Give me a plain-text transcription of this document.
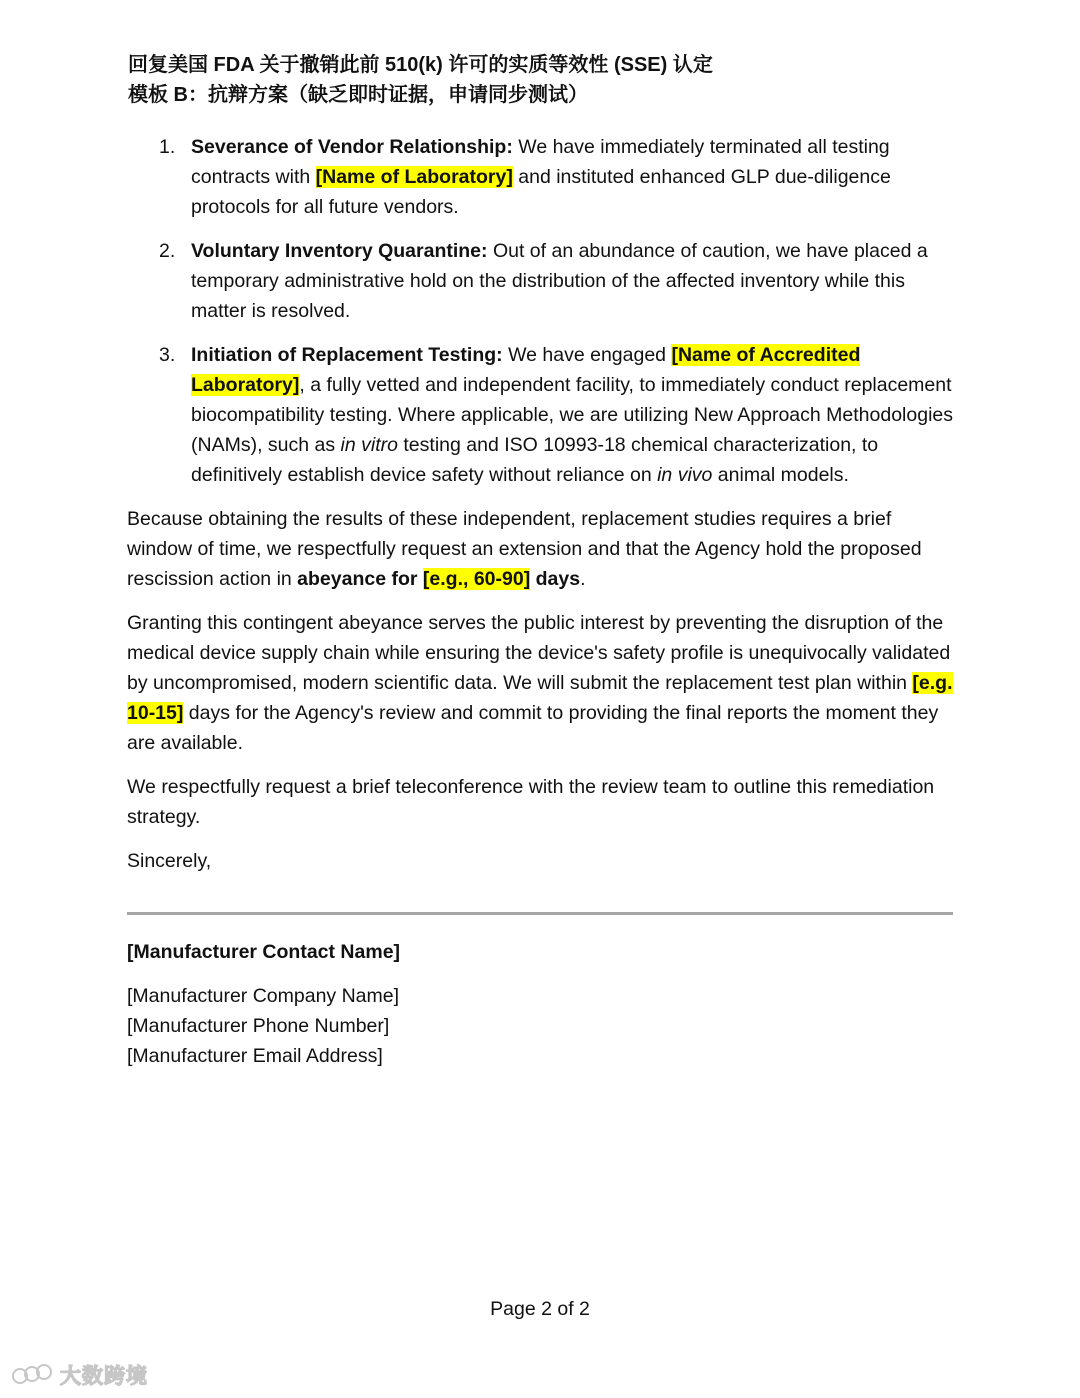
回复美国 FDA 关于撤销此前 510(k) 许可的实质等效性 (SSE) 认定
模板 B：抗辩方案（缺乏即时证据，申请同步测试）
1. Severance of Vendor Relationship: We have immediately terminated all testing contracts with [Name of Laboratory] and instituted enhanced GLP due-diligence protocols for all future vendors.
2. Voluntary Inventory Quarantine: Out of an abundance of caution, we have placed a temporary administrative hold on the distribution of the affected inventory while this matter is resolved.
3. Initiation of Replacement Testing: We have engaged [Name of Accredited Laboratory], a fully vetted and independent facility, to immediately conduct replacement biocompatibility testing. Where applicable, we are utilizing New Approach Methodologies (NAMs), such as in vitro testing and ISO 10993-18 chemical characterization, to definitively establish device safety without reliance on in vivo animal models.

Because obtaining the results of these independent, replacement studies requires a brief window of time, we respectfully request an extension and that the Agency hold the proposed rescission action in abeyance for [e.g., 60-90] days.

Granting this contingent abeyance serves the public interest by preventing the disruption of the medical device supply chain while ensuring the device's safety profile is unequivocally validated by uncompromised, modern scientific data. We will submit the replacement test plan within [e.g. 10-15] days for the Agency's review and commit to providing the final reports the moment they are available.

We respectfully request a brief teleconference with the review team to outline this remediation strategy.

Sincerely,

[Manufacturer Contact Name]
[Manufacturer Company Name]
[Manufacturer Phone Number]
[Manufacturer Email Address]
Page 2 of 2
大数跨境
